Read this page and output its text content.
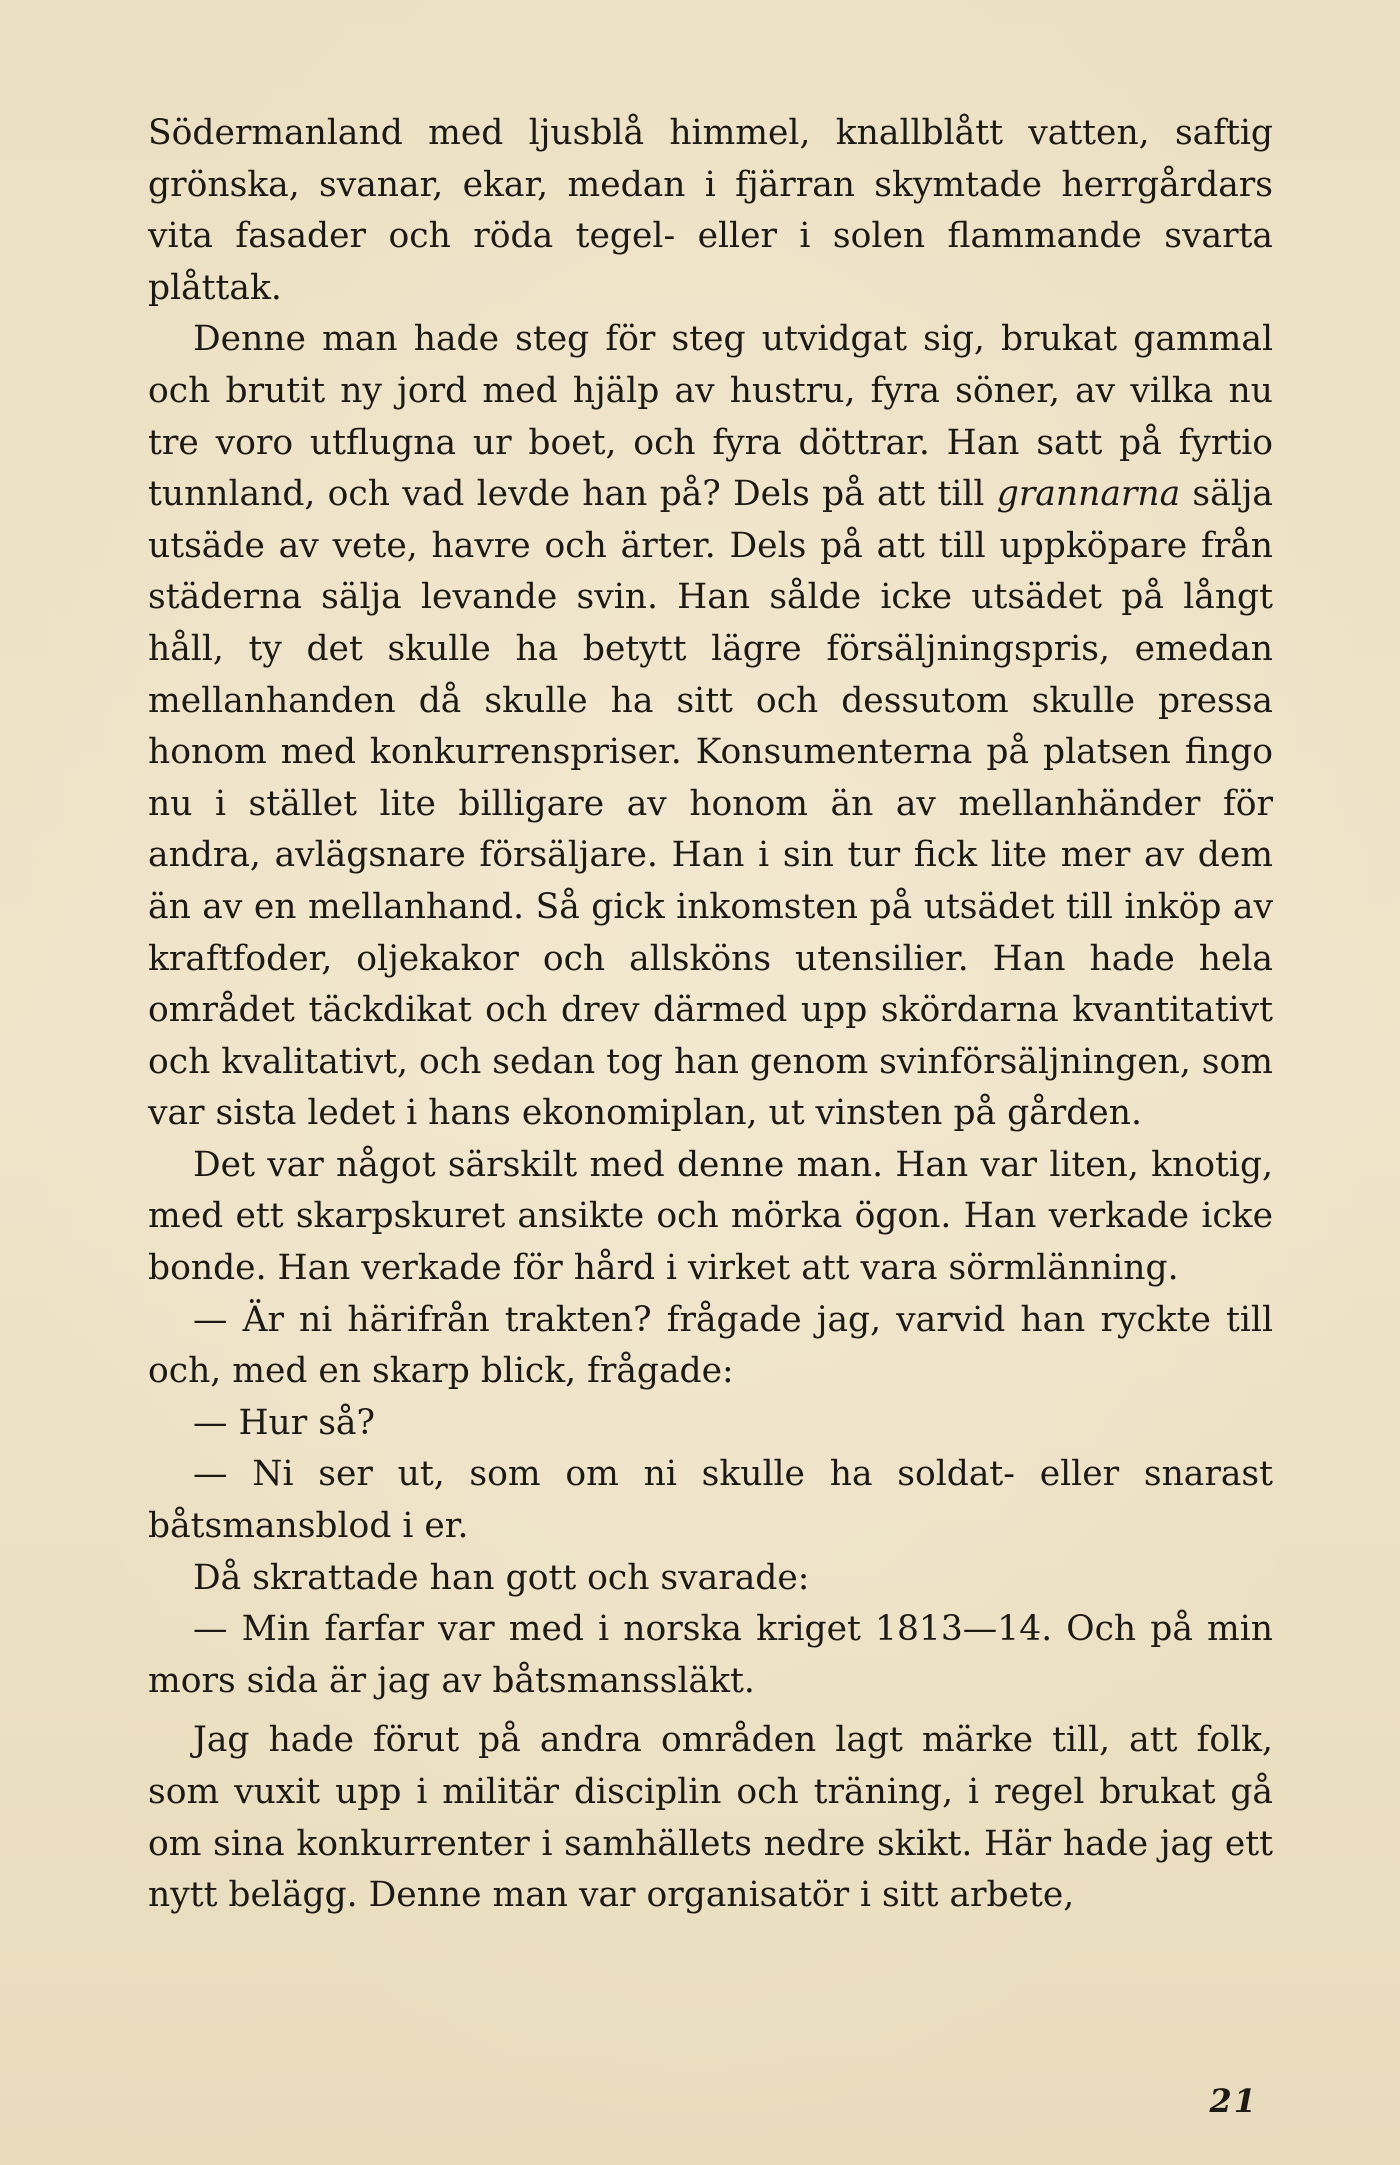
Södermanland med ljusblå himmel, knallblått vatten, saftig grönska, svanar, ekar, medan i fjärran skymtade herrgårdars vita fasader och röda tegel- eller i solen flammande svarta plåttak.

Denne man hade steg för steg utvidgat sig, brukat gammal och brutit ny jord med hjälp av hustru, fyra söner, av vilka nu tre voro utflugna ur boet, och fyra döttrar. Han satt på fyrtio tunnland, och vad levde han på? Dels på att till grannarna sälja utsäde av vete, havre och ärter. Dels på att till uppköpare från städerna sälja levande svin. Han sålde icke utsädet på långt håll, ty det skulle ha betytt lägre försäljningspris, emedan mellanhanden då skulle ha sitt och dessutom skulle pressa honom med konkurrenspriser. Konsumenterna på platsen fingo nu i stället lite billigare av honom än av mellanhänder för andra, avlägsnare försäljare. Han i sin tur fick lite mer av dem än av en mellanhand. Så gick inkomsten på utsädet till inköp av kraftfoder, oljekakor och allsköns utensilier. Han hade hela området täckdikat och drev därmed upp skördarna kvantitativt och kvalitativt, och sedan tog han genom svinförsäljningen, som var sista ledet i hans ekonomiplan, ut vinsten på gården.

Det var något särskilt med denne man. Han var liten, knotig, med ett skarpskuret ansikte och mörka ögon. Han verkade icke bonde. Han verkade för hård i virket att vara sörmlänning.

— Är ni härifrån trakten? frågade jag, varvid han ryckte till och, med en skarp blick, frågade:

— Hur så?

— Ni ser ut, som om ni skulle ha soldat- eller snarast båtsmansblod i er.

Då skrattade han gott och svarade:

— Min farfar var med i norska kriget 1813—14. Och på min mors sida är jag av båtsmanssläkt.

Jag hade förut på andra områden lagt märke till, att folk, som vuxit upp i militär disciplin och träning, i regel brukat gå om sina konkurrenter i samhällets nedre skikt. Här hade jag ett nytt belägg. Denne man var organisatör i sitt arbete,

21
